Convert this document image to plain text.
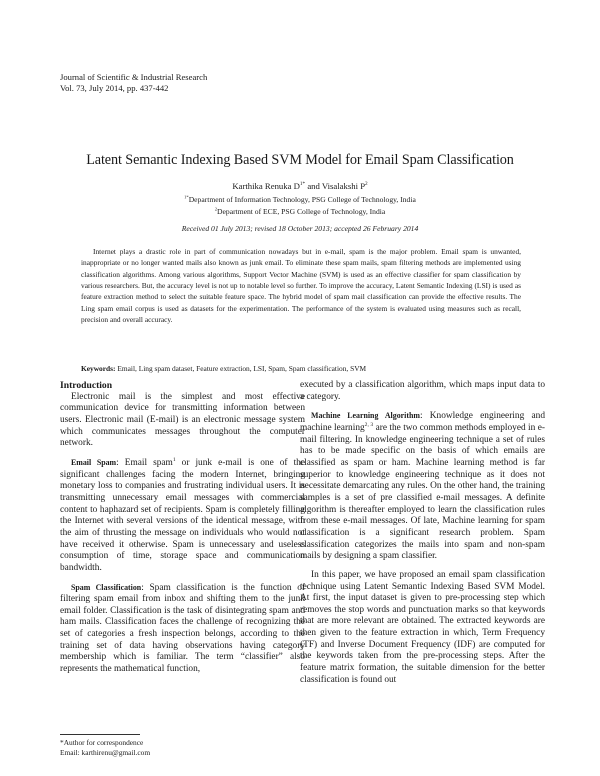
Journal of Scientific & Industrial Research
Vol. 73, July 2014, pp. 437-442
Latent Semantic Indexing Based SVM Model for Email Spam Classification
Karthika Renuka $D^{1*}$ and Visalakshi $P^2$
$^{1*}$Department of Information Technology, PSG College of Technology, India
$^2$Department of ECE, PSG College of Technology, India
Received 01 July 2013; revised 18 October 2013; accepted 26 February 2014

Internet plays a drastic role in part of communication nowadays but in e-mail, spam is the major problem. Email spam is unwanted, inappropriate or no longer wanted mails also known as junk email. To eliminate these spam mails, spam filtering methods are implemented using classification algorithms. Among various algorithms, Support Vector Machine (SVM) is used as an effective classifier for spam classification by various researchers. But, the accuracy level is not up to notable level so further. To improve the accuracy, Latent Semantic Indexing (LSI) is used as feature extraction method to select the suitable feature space. The hybrid model of spam mail classification can provide the effective results. The Ling spam email corpus is used as datasets for the experimentation. The performance of the system is evaluated using measures such as recall, precision and overall accuracy.

Keywords: Email, Ling spam dataset, Feature extraction, LSI, Spam, Spam classification, SVM
Introduction

Electronic mail is the simplest and most effective communication device for transmitting information between users. Electronic mail (E-mail) is an electronic message system which communicates messages throughout the computer network.

Email Spam: Email spam$^1$ or junk e-mail is one of the significant challenges facing the modern Internet, bringing monetary loss to companies and frustrating individual users. It is transmitting unnecessary email messages with commercial content to haphazard set of recipients. Spam is completely filling the Internet with several versions of the identical message, with the aim of thrusting the message on individuals who would not have received it otherwise. Spam is unnecessary and useless consumption of time, storage space and communication bandwidth.

Spam Classification: Spam classification is the function of filtering spam email from inbox and shifting them to the junk email folder. Classification is the task of disintegrating spam and ham mails. Classification faces the challenge of recognizing the set of categories a fresh inspection belongs, according to the training set of data having observations having category membership which is familiar. The term “classifier” also represents the mathematical function,

executed by a classification algorithm, which maps input data to a category.

Machine Learning Algorithm: Knowledge engineering and machine learning$^{2, 3}$ are the two common methods employed in e-mail filtering. In knowledge engineering technique a set of rules has to be made specific on the basis of which emails are classified as spam or ham. Machine learning method is far superior to knowledge engineering technique as it does not necessitate demarcating any rules. On the other hand, the training samples is a set of pre classified e-mail messages. A definite algorithm is thereafter employed to learn the classification rules from these e-mail messages. Of late, Machine learning for spam classification is a significant research problem. Spam classification categorizes the mails into spam and non-spam mails by designing a spam classifier.

In this paper, we have proposed an email spam classification technique using Latent Semantic Indexing Based SVM Model. At first, the input dataset is given to pre-processing step which removes the stop words and punctuation marks so that keywords that are more relevant are obtained. The extracted keywords are then given to the feature extraction in which, Term Frequency (TF) and Inverse Document Frequency (IDF) are computed for the keywords taken from the pre-processing steps. After the feature matrix formation, the suitable dimension for the better classification is found out

*Author for correspondence
Email: karthirenu@gmail.com
